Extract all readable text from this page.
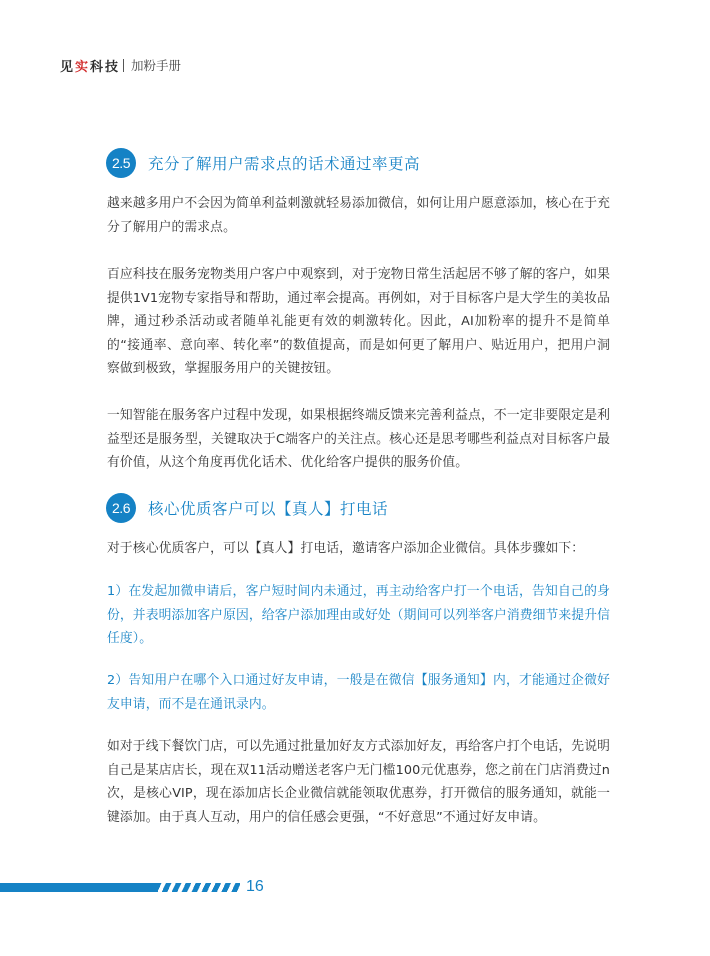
见实科技 加粉手册
2.5	充分了解用户需求点的话术通过率更高
越来越多用户不会因为简单利益刺激就轻易添加微信，如何让用户愿意添加，核心在于充分了解用户的需求点。
百应科技在服务宠物类用户客户中观察到，对于宠物日常生活起居不够了解的客户，如果提供1V1宠物专家指导和帮助，通过率会提高。再例如，对于目标客户是大学生的美妆品牌，通过秒杀活动或者随单礼能更有效的刺激转化。因此，AI加粉率的提升不是简单的“接通率、意向率、转化率”的数值提高，而是如何更了解用户、贴近用户，把用户洞察做到极致，掌握服务用户的关键按钮。
一知智能在服务客户过程中发现，如果根据终端反馈来完善利益点，不一定非要限定是利益型还是服务型，关键取决于C端客户的关注点。核心还是思考哪些利益点对目标客户最有价值，从这个角度再优化话术、优化给客户提供的服务价值。
2.6	核心优质客户可以【真人】打电话
对于核心优质客户，可以【真人】打电话，邀请客户添加企业微信。具体步骤如下：
1）在发起加微申请后，客户短时间内未通过，再主动给客户打一个电话，告知自己的身份，并表明添加客户原因，给客户添加理由或好处（期间可以列举客户消费细节来提升信任度）。
2）告知用户在哪个入口通过好友申请，一般是在微信【服务通知】内，才能通过企微好友申请，而不是在通讯录内。
如对于线下餐饮门店，可以先通过批量加好友方式添加好友，再给客户打个电话，先说明自己是某店店长，现在双11活动赠送老客户无门槛100元优惠券，您之前在门店消费过n次，是核心VIP，现在添加店长企业微信就能领取优惠券，打开微信的服务通知，就能一键添加。由于真人互动，用户的信任感会更强，“不好意思”不通过好友申请。
16
